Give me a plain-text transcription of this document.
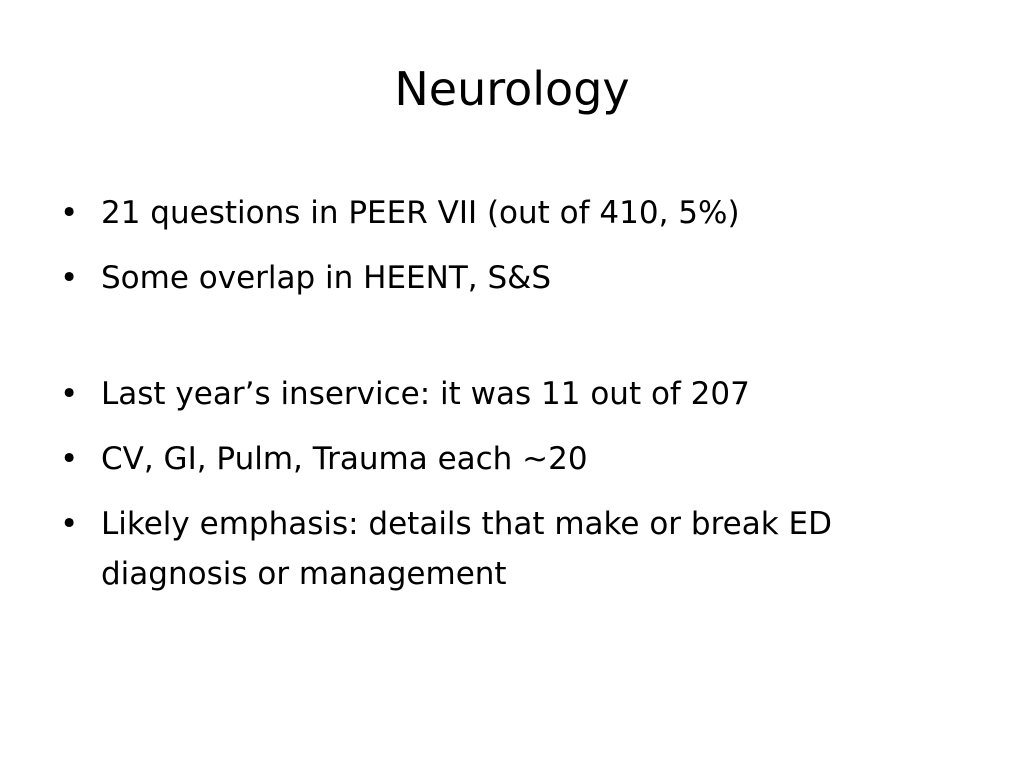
Neurology
• 21 questions in PEER VII (out of 410, 5%)
• Some overlap in HEENT, S&S
• Last year’s inservice: it was 11 out of 207
• CV, GI, Pulm, Trauma each ~20
• Likely emphasis: details that make or break ED diagnosis or management
